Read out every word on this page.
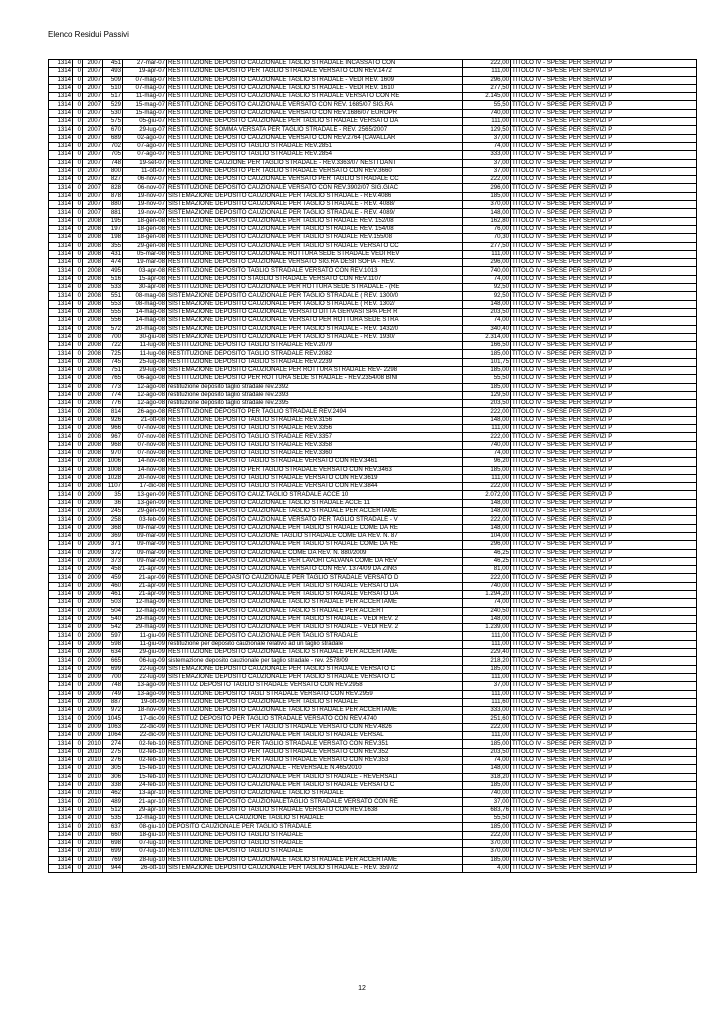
Elenco Residui Passivi
1314	0	2007	451	27-mar-07	RESTITUZIONE DEPOSITO CAUZIONALE TAGLIO STRADALE INCASSATO CON	222,00	TITOLO IV - SPESE PER SERVIZI P
1314	0	2007	493	19-apr-07	RESTITUZIONE DEPOSITO PER TAGLIO STRADALE VERSATO CON REV.1472	111,00	TITOLO IV - SPESE PER SERVIZI P
1314	0	2007	509	07-mag-07	RESTITUZIONE DEPOSITO CAUZIONALE TAGLIO STRADALE - VEDI REV. 1609	296,00	TITOLO IV - SPESE PER SERVIZI P
1314	0	2007	510	07-mag-07	RESTITUZIONE DEPOSITO CAUZIONALE TAGLIO STRADALE - VEDI REV. 1610	277,50	TITOLO IV - SPESE PER SERVIZI P
1314	0	2007	517	11-mag-07	RESTITUZIONE DEPOSITO CAUZIONALE TAGLIO STRADALE VERSATO CON RE	2.145,00	TITOLO IV - SPESE PER SERVIZI P
1314	0	2007	529	15-mag-07	RESTITUZIONE DEPOSITO CAUZIONALE VERSATO CON REV. 1685/07 SIG.RA	55,50	TITOLO IV - SPESE PER SERVIZI P
1314	0	2007	530	15-mag-07	RESTITUZIONE DEPOSITO CAUZIONALE VERSATO CON REV.1686/07 EUROPR	740,00	TITOLO IV - SPESE PER SERVIZI P
1314	0	2007	575	05-giu-07	RESTITUZIONE DEPOSITO CAUZIONALE PER TAGLIO STRADALE VERSATO DA	111,00	TITOLO IV - SPESE PER SERVIZI P
1314	0	2007	670	29-lug-07	RESTITUZIONE SOMMA VERSATA PER TAGLIO STRADALE - REV. 2565/2007	129,50	TITOLO IV - SPESE PER SERVIZI P
1314	0	2007	689	02-ago-07	RESTITUZIONE DEPOSITO CAUZIONALE VERSATO CON REV.2764 (CAVALLAR	37,00	TITOLO IV - SPESE PER SERVIZI P
1314	0	2007	702	07-ago-07	RESTITUZIONE DEPOSITO TAGLIO STRADALE REV.2851	74,00	TITOLO IV - SPESE PER SERVIZI P
1314	0	2007	705	07-ago-07	RESTITUZIONE DEPOSITO TAGLIO STRADALE REV.2854	333,00	TITOLO IV - SPESE PER SERVIZI P
1314	0	2007	748	19-set-07	RESTITUZIONE CAUZIONE PER TAGLIO STRADALE - REV.3363/07 NESTI DANT	37,00	TITOLO IV - SPESE PER SERVIZI P
1314	0	2007	800	11-ott-07	RESTITUZIONE DEPOSITO PER TAGLIO STRADALE VERSATO CON REV.3660	37,00	TITOLO IV - SPESE PER SERVIZI P
1314	0	2007	827	06-nov-07	RESTITUZIONE DEPOSITO CAUZIONALE VERSATO PER TAGLIO STRADALE CC	222,00	TITOLO IV - SPESE PER SERVIZI P
1314	0	2007	828	06-nov-07	RESTITUZIONE DEPOSITO CAUZIONALE VERSATO CON REV.3902/07 SIG.GIAC	296,00	TITOLO IV - SPESE PER SERVIZI P
1314	0	2007	878	19-nov-07	SISTEMAZIONE DEPOSITO CAUZIONALE PER TAGLIO STRADALE - REV.4086	185,00	TITOLO IV - SPESE PER SERVIZI P
1314	0	2007	880	19-nov-07	SISTEMAZIONE DEPOSITO CAUZIONALE PER TAGLIO STRADALE - REV. 4088/	370,00	TITOLO IV - SPESE PER SERVIZI P
1314	0	2007	881	19-nov-07	SISTEMAZIONE DEPOSITO CAUZIONALE PER TAGLIO STRADALE - REV. 4089/	148,00	TITOLO IV - SPESE PER SERVIZI P
1314	0	2008	195	18-gen-08	RESTITUZIONE DEPOSITO CAUZIONALE PER TAGLIO STRADALE REV. 152/08	162,80	TITOLO IV - SPESE PER SERVIZI P
1314	0	2008	197	18-gen-08	RESTITUZIONE DEPOSITO CAUZIONALE PER TAGLIO STRADALE REV. 154/08	76,00	TITOLO IV - SPESE PER SERVIZI P
1314	0	2008	198	18-gen-08	RESTITUZIONE DEPOSITO CAUZIONALE PER TAGLIO STRADALE REV.155/08	70,30	TITOLO IV - SPESE PER SERVIZI P
1314	0	2008	355	29-gen-08	RESTITUZIONE DEPOSITO CAUZIONALE PER TAGLIO STRADALE VERSATO CC	277,50	TITOLO IV - SPESE PER SERVIZI P
1314	0	2008	431	05-mar-08	RESTITUZIONE DEPOSITO CAUZIONALE ROTTURA SEDE STRADALE VEDI REV	111,00	TITOLO IV - SPESE PER SERVIZI P
1314	0	2008	474	19-mar-08	RESTITUZIONE DEPOSITO CAUZIONALE VERSATO SIG.RA DESII SOFIA - REV.	296,00	TITOLO IV - SPESE PER SERVIZI P
1314	0	2008	495	03-apr-08	RESTITUZIONE DEPOSITO TAGLIO STRADALE VERSATO CON REV.1013	740,00	TITOLO IV - SPESE PER SERVIZI P
1314	0	2008	516	15-apr-08	RESTITUZIONE DEPOSITO STAGLIO STRADALE VERSATO CON REV.1107	74,00	TITOLO IV - SPESE PER SERVIZI P
1314	0	2008	533	30-apr-08	RESTITUZIONE DEPOSITO CAUZIONALE PER ROTTURA SEDE STRADALE - (RE	92,50	TITOLO IV - SPESE PER SERVIZI P
1314	0	2008	551	08-mag-08	SISTEMAZIONE DEPOSITO CAUZIONALE PER TAGLIO STRADALE ( REV. 1300/0	92,50	TITOLO IV - SPESE PER SERVIZI P
1314	0	2008	553	08-mag-08	SISTEMAZIONE DEPOSITO CAUZIONALE PER TAGLIO STRADALE ( REV. 1302/	148,00	TITOLO IV - SPESE PER SERVIZI P
1314	0	2008	555	14-mag-08	SISTEMAZIONE DEPOSITO CAUZIONALE VERSATO DITTA GERVASI SPA PER R	203,50	TITOLO IV - SPESE PER SERVIZI P
1314	0	2008	556	14-mag-08	SISTEMAZIONE DEPOSITO CAUZIONALE VERSATO PER ROTTURA SEDE STRA	74,00	TITOLO IV - SPESE PER SERVIZI P
1314	0	2008	572	20-mag-08	SISTEMAZIONE DEPOSITO CAUZIONALE PER TAGLIO STRADALE - REV. 1432/0	340,40	TITOLO IV - SPESE PER SERVIZI P
1314	0	2008	700	30-giu-08	SISTEMAZIONE DEPOSITO CAUZIONALE PER TAGLIO STRADALE - REV. 1930/	2.314,00	TITOLO IV - SPESE PER SERVIZI P
1314	0	2008	722	11-lug-08	RESTITUZIONE DEPOSITO TAGLIO STRADALE REV.2079	166,50	TITOLO IV - SPESE PER SERVIZI P
1314	0	2008	725	11-lug-08	RESTITUZIONE DEPOSITO TAGLIO STRADALE REV.2082	185,00	TITOLO IV - SPESE PER SERVIZI P
1314	0	2008	745	25-lug-08	RESTITUZIONE DEPOSITO TAGLIO STRADALE REV.2239	101,75	TITOLO IV - SPESE PER SERVIZI P
1314	0	2008	751	29-lug-08	SISTEMAZIONE DEPOSITO CAUZIONALE PER ROTTURA STRADALE REV- 2298	185,00	TITOLO IV - SPESE PER SERVIZI P
1314	0	2008	765	06-ago-08	RESTITUZIONE DEPOSITO PER ROTTURA SEDE STRADALE - REV.2354/08 BINI	55,50	TITOLO IV - SPESE PER SERVIZI P
1314	0	2008	773	12-ago-08	restituzione deposito taglio stradale rev.2392	185,00	TITOLO IV - SPESE PER SERVIZI P
1314	0	2008	774	12-ago-08	restituzione deposito taglio stradale rev.2393	129,50	TITOLO IV - SPESE PER SERVIZI P
1314	0	2008	776	12-ago-08	restituzione deposito taglio stradale rev.2395	203,50	TITOLO IV - SPESE PER SERVIZI P
1314	0	2008	814	26-ago-08	RESTITUZIONE DEPOSITO PER TAGLIO STRADALE REV.2494	222,00	TITOLO IV - SPESE PER SERVIZI P
1314	0	2008	926	21-ott-08	RESTITUZIONE DEPOSITO TAGLIO STRADALE REV.3156	148,00	TITOLO IV - SPESE PER SERVIZI P
1314	0	2008	966	07-nov-08	RESTITUZIONE DEPOSITO TAGLIO STRADALE REV.3356	111,00	TITOLO IV - SPESE PER SERVIZI P
1314	0	2008	967	07-nov-08	RESTITUZIONE DEPOSITO TAGLIO STRADALE REV.3357	222,00	TITOLO IV - SPESE PER SERVIZI P
1314	0	2008	968	07-nov-08	RESTITUZIONE DEPOSITO TAGLIO STRADALE REV.3358	740,00	TITOLO IV - SPESE PER SERVIZI P
1314	0	2008	970	07-nov-08	RESTITUZIONE DEPOSITO TAGLIO STRADALE REV.3360	74,00	TITOLO IV - SPESE PER SERVIZI P
1314	0	2008	1006	14-nov-08	RESTITUZIONE DEPOSITO TAGLIO STRADALE VERSATO CON REV.3461	96,20	TITOLO IV - SPESE PER SERVIZI P
1314	0	2008	1008	14-nov-08	RESTITUZIONE DEPOSITO PER TAGLIO STRADALE VERSATO CON REV.3463	185,00	TITOLO IV - SPESE PER SERVIZI P
1314	0	2008	1028	20-nov-08	RESTITUZIONE DEPOSITO TAGLIO STRADALE VERSATO CON REV.3619	111,00	TITOLO IV - SPESE PER SERVIZI P
1314	0	2008	1107	17-dic-08	RESTITUZIONE DEPOSITO TAGLIO STRADALE VERSATO CON REV.3844	222,00	TITOLO IV - SPESE PER SERVIZI P
1314	0	2009	35	13-gen-09	RESTITUZIONE DEPOSITO CAUZ.TAGLIO STRADALE ACCE 10	2.072,00	TITOLO IV - SPESE PER SERVIZI P
1314	0	2009	36	13-gen-09	RESTITUZIONE DEPOSITO CAUZIONALE TAGLIO STRADALE ACCE 11	148,00	TITOLO IV - SPESE PER SERVIZI P
1314	0	2009	245	29-gen-09	RESTITUZIONE DEPOSITO CAUZIONALE TAGLIO STRADALE PER ACCERTAME	148,00	TITOLO IV - SPESE PER SERVIZI P
1314	0	2009	258	03-feb-09	RESTITUZIONE DEPOSITO CAUZIONALE VERSATO PER TAGLIO STRADALE - V	222,00	TITOLO IV - SPESE PER SERVIZI P
1314	0	2009	368	09-mar-09	RESTITUZIONE DEPOSITO CAUZIONALE PER TAGLIO STRADALE COME DA RE	148,00	TITOLO IV - SPESE PER SERVIZI P
1314	0	2009	369	09-mar-09	RESTITUZIONE DEPOSITO CAUZIONE TAGLIO STRADALE COME DA REV. N. 87	104,00	TITOLO IV - SPESE PER SERVIZI P
1314	0	2009	371	09-mar-09	RESTITUZIONE DEPOSITO CAUZIONALE PER TAGLIO STRADALE COME DA RE	296,00	TITOLO IV - SPESE PER SERVIZI P
1314	0	2009	372	09-mar-09	RESTITUZIONE DEPOSITO CAUZIONALE COME DA REV. N. 880/2009	46,25	TITOLO IV - SPESE PER SERVIZI P
1314	0	2009	373	09-mar-09	RESTITUZIONE DEPOSITO CAUZIONALE PER LAVORI CALVANA COME DA REV	46,25	TITOLO IV - SPESE PER SERVIZI P
1314	0	2009	458	21-apr-09	RESTITUZIONE DEPOSITO CAUZIONALE VERSATO CON REV. 1374/09 DA ZING	81,00	TITOLO IV - SPESE PER SERVIZI P
1314	0	2009	459	21-apr-09	RESTITUZIONE DEPOASITO CAUZIONALE PER TAGLIO STRADALE VERSATO D	222,00	TITOLO IV - SPESE PER SERVIZI P
1314	0	2009	460	21-apr-09	RESTITUZIONE DEPOSITO CAUZIONALE PER TAGLIO STRADALE VERSATO DA	740,00	TITOLO IV - SPESE PER SERVIZI P
1314	0	2009	461	21-apr-09	RESTITUZIONE DEPOSITO CAUZIONALE PER TAGLIO STRADALE VERSATO DA	1.294,20	TITOLO IV - SPESE PER SERVIZI P
1314	0	2009	503	12-mag-09	RESTITUZIONE DEPOSITO CAUZIONALE TAGLIO STRADALE PER ACCERTAME	74,00	TITOLO IV - SPESE PER SERVIZI P
1314	0	2009	504	12-mag-09	RESTITUZIONE DEPOSITO CAUZIONALE TAGLIO STRADALE PER ACCERT	240,50	TITOLO IV - SPESE PER SERVIZI P
1314	0	2009	540	29-mag-09	RESTITUZIONE DEPOSITO CAUZIONALE PER TAGLIO STRADALE - VEDI REV. 2	148,00	TITOLO IV - SPESE PER SERVIZI P
1314	0	2009	542	29-mag-09	RESTITUZIONE DEPOSITO CAUZIONALE PER TAGLIO STRADALE - VEDI REV. 2	1.239,00	TITOLO IV - SPESE PER SERVIZI P
1314	0	2009	597	11-giu-09	RESTITUZIONE DEPOSITO CAUZIONALE PER TAGLIO STRADALE	111,00	TITOLO IV - SPESE PER SERVIZI P
1314	0	2009	598	11-giu-09	restituzione per deposito cauzionale relativo ad un taglio stradale	111,00	TITOLO IV - SPESE PER SERVIZI P
1314	0	2009	634	29-giu-09	RESTITUZIONE DEPOSITO CAUZIONALE TAGLIO STRADALE PER ACCERTAME	229,40	TITOLO IV - SPESE PER SERVIZI P
1314	0	2009	665	06-lug-09	sistemazione deposito cauzionale per taglio stradale - rev. 2578/09	218,20	TITOLO IV - SPESE PER SERVIZI P
1314	0	2009	699	22-lug-09	SISTEMAZIONE DEPOSITO CAUZIONALE PER TAGLIO STRADALE VERSATO C	185,00	TITOLO IV - SPESE PER SERVIZI P
1314	0	2009	700	22-lug-09	SISTEMAZIONE DEPOSITO CAUZIONALE PER TAGLIO STRADALE VERSATO C	111,00	TITOLO IV - SPESE PER SERVIZI P
1314	0	2009	748	13-ago-09	RESTITUZ DEPOSITO TAGLIO STRADALE VERSATO CON REV.2958	37,00	TITOLO IV - SPESE PER SERVIZI P
1314	0	2009	749	13-ago-09	RESTITUZIONE DEPOSITO TAGLI STRADALE VERSATO CON REV.2959	111,00	TITOLO IV - SPESE PER SERVIZI P
1314	0	2009	887	19-ott-09	RESTITUZIONE DEPOSITO CAUZIONALE PER TAGLIO STRADALE	111,60	TITOLO IV - SPESE PER SERVIZI P
1314	0	2009	972	18-nov-09	RESTITUZIONE DEPOSITO CAUZIONALE TAGLIO STRADALE PER ACCERTAME	333,00	TITOLO IV - SPESE PER SERVIZI P
1314	0	2009	1045	17-dic-09	RESTITUZ DEPOSITO PER TAGLIO STRADALE VERSATO CON REV.4740	251,60	TITOLO IV - SPESE PER SERVIZI P
1314	0	2009	1063	22-dic-09	RESTITUZIONE DEPOSITO PER TAGLIO STRADALE VERSATO CON REV.4826	222,00	TITOLO IV - SPESE PER SERVIZI P
1314	0	2009	1064	22-dic-09	RESTITUZIONE DEPOSITO CAUZIONALE PER TAGLIO STRADALE VERSAL	111,00	TITOLO IV - SPESE PER SERVIZI P
1314	0	2010	274	02-feb-10	RESTITUZIONE DEPOSITO PER TAGLIO STRADALE VERSATO CON REV.351	185,00	TITOLO IV - SPESE PER SERVIZI P
1314	0	2010	275	02-feb-10	RESTITUZIONE DEPOSITO PER TAGLIO STRADALE VERSATO CON REV.352	203,50	TITOLO IV - SPESE PER SERVIZI P
1314	0	2010	276	02-feb-10	RESTITUZIONE DEPOSITO PER TAGLIO STRADALE VERSATO CON REV.353	74,00	TITOLO IV - SPESE PER SERVIZI P
1314	0	2010	305	15-feb-10	RESTITUZIONE DEPOSITO CAUZIONALE - REVERSALE N.465/2010	148,00	TITOLO IV - SPESE PER SERVIZI P
1314	0	2010	306	15-feb-10	RESTITUZIONE DEPOSITO CAUZIONALE PER TAGLIO STRADALE - REVERSALI	318,20	TITOLO IV - SPESE PER SERVIZI P
1314	0	2010	338	24-feb-10	RESTITUZIONE DEPOSITO CAUZIONALE PER TAGLIO STRADALE VERSATO C	185,00	TITOLO IV - SPESE PER SERVIZI P
1314	0	2010	462	13-apr-10	RESTITUZIONE DEPOSITO CAUZIONALE TAGLIO STRADALE	740,00	TITOLO IV - SPESE PER SERVIZI P
1314	0	2010	489	21-apr-10	RESTITUZIONE DEPOSITO CAUZIONALETAGLIO STRADALE VERSATO CON RE	37,00	TITOLO IV - SPESE PER SERVIZI P
1314	0	2010	512	29-apr-10	RESTITUZIONE DEPOSITO TAGLIO STRADALE VERSATO CON REV.1638	683,76	TITOLO IV - SPESE PER SERVIZI P
1314	0	2010	535	12-mag-10	RESTITUZIONE DELLA CAUZIONE TAGLIO STRADALE	55,50	TITOLO IV - SPESE PER SERVIZI P
1314	0	2010	637	08-giu-10	DEPOSITO CAUZIONALE PER TAGLIO STRADALE	185,00	TITOLO IV - SPESE PER SERVIZI P
1314	0	2010	660	18-giu-10	RESTITUZIONE DEPOSITO TAGLIO STRADALE	222,00	TITOLO IV - SPESE PER SERVIZI P
1314	0	2010	698	07-lug-10	RESTITUZIONE DEPOSITO TAGLIO STRADALE	370,00	TITOLO IV - SPESE PER SERVIZI P
1314	0	2010	699	07-lug-10	RESTITUZIONE DEPOSITO TAGLIO STRADALE	370,00	TITOLO IV - SPESE PER SERVIZI P
1314	0	2010	769	28-lug-10	RESTITUZIONE DEPOSITO CAUZIONALE TAGLIO STRADALE PER ACCERTAME	185,00	TITOLO IV - SPESE PER SERVIZI P
1314	0	2010	944	26-ott-10	SISTEMAZIONE DEPOSITO CAUZIONALE PER TAGLIO STRADALE - REV. 3597/2	4,00	TITOLO IV - SPESE PER SERVIZI P
12
